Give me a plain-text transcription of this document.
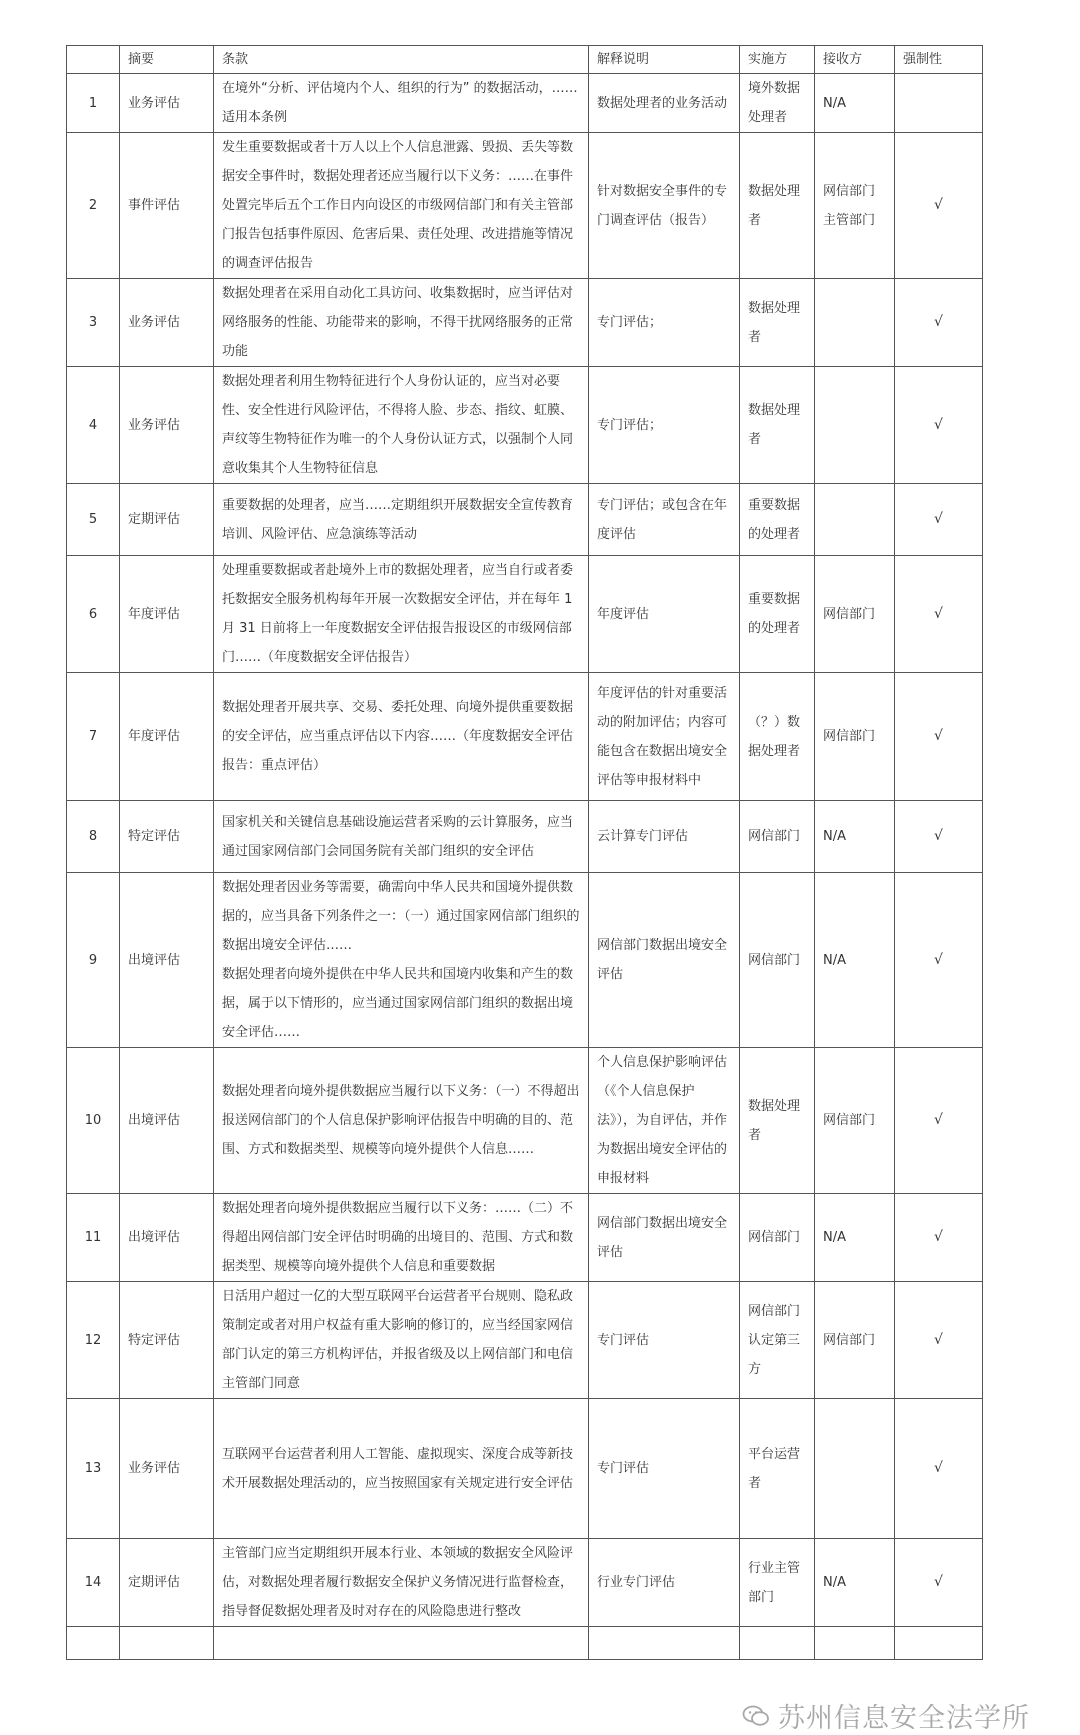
	摘要	条款	解释说明	实施方	接收方	强制性
1	业务评估	在境外“分析、评估境内个人、组织的行为” 的数据活动，……适用本条例	数据处理者的业务活动	境外数据处理者	N/A	
2	事件评估	发生重要数据或者十万人以上个人信息泄露、毁损、丢失等数据安全事件时，数据处理者还应当履行以下义务：……在事件处置完毕后五个工作日内向设区的市级网信部门和有关主管部门报告包括事件原因、危害后果、责任处理、改进措施等情况的调查评估报告	针对数据安全事件的专门调查评估（报告）	数据处理者	网信部门主管部门	√
3	业务评估	数据处理者在采用自动化工具访问、收集数据时，应当评估对网络服务的性能、功能带来的影响，不得干扰网络服务的正常功能	专门评估；	数据处理者		√
4	业务评估	数据处理者利用生物特征进行个人身份认证的，应当对必要性、安全性进行风险评估，不得将人脸、步态、指纹、虹膜、声纹等生物特征作为唯一的个人身份认证方式，以强制个人同意收集其个人生物特征信息	专门评估；	数据处理者		√
5	定期评估	重要数据的处理者，应当……定期组织开展数据安全宣传教育培训、风险评估、应急演练等活动	专门评估；或包含在年度评估	重要数据的处理者		√
6	年度评估	处理重要数据或者赴境外上市的数据处理者，应当自行或者委托数据安全服务机构每年开展一次数据安全评估，并在每年 1 月 31 日前将上一年度数据安全评估报告报设区的市级网信部门……（年度数据安全评估报告）	年度评估	重要数据的处理者	网信部门	√
7	年度评估	数据处理者开展共享、交易、委托处理、向境外提供重要数据的安全评估，应当重点评估以下内容……（年度数据安全评估报告：重点评估）	年度评估的针对重要活动的附加评估；内容可能包含在数据出境安全评估等申报材料中	（？）数据处理者	网信部门	√
8	特定评估	国家机关和关键信息基础设施运营者采购的云计算服务，应当通过国家网信部门会同国务院有关部门组织的安全评估	云计算专门评估	网信部门	N/A	√
9	出境评估	数据处理者因业务等需要，确需向中华人民共和国境外提供数据的，应当具备下列条件之一：（一）通过国家网信部门组织的数据出境安全评估……
数据处理者向境外提供在中华人民共和国境内收集和产生的数据，属于以下情形的，应当通过国家网信部门组织的数据出境安全评估……	网信部门数据出境安全评估	网信部门	N/A	√
10	出境评估	数据处理者向境外提供数据应当履行以下义务：（一）不得超出报送网信部门的个人信息保护影响评估报告中明确的目的、范围、方式和数据类型、规模等向境外提供个人信息……	个人信息保护影响评估（《个人信息保护法》），为自评估，并作为数据出境安全评估的申报材料	数据处理者	网信部门	√
11	出境评估	数据处理者向境外提供数据应当履行以下义务：……（二）不得超出网信部门安全评估时明确的出境目的、范围、方式和数据类型、规模等向境外提供个人信息和重要数据	网信部门数据出境安全评估	网信部门	N/A	√
12	特定评估	日活用户超过一亿的大型互联网平台运营者平台规则、隐私政策制定或者对用户权益有重大影响的修订的，应当经国家网信部门认定的第三方机构评估，并报省级及以上网信部门和电信主管部门同意	专门评估	网信部门认定第三方	网信部门	√
13	业务评估	互联网平台运营者利用人工智能、虚拟现实、深度合成等新技术开展数据处理活动的，应当按照国家有关规定进行安全评估	专门评估	平台运营者		√
14	定期评估	主管部门应当定期组织开展本行业、本领域的数据安全风险评估，对数据处理者履行数据安全保护义务情况进行监督检查，指导督促数据处理者及时对存在的风险隐患进行整改	行业专门评估	行业主管部门	N/A	√

苏州信息安全法学所
